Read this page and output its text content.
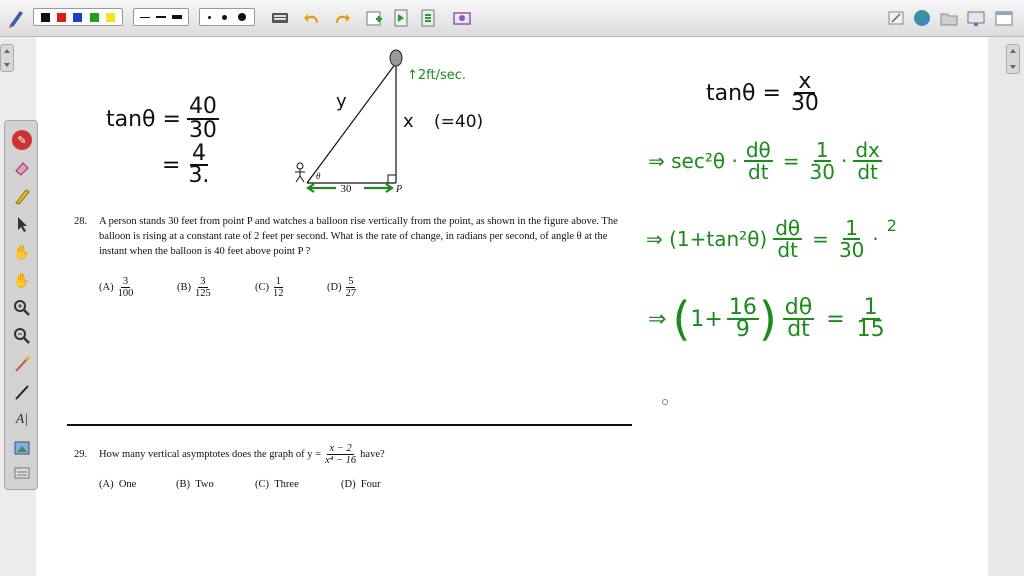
✎
✋
✋
A|
30	P
θ
y
x (=40)
↑2ft/sec.
$\tan\theta = \frac{40}{30}$
= $\frac{4}{3.}$
$\tan\theta = \frac{x}{30}$
⇒ $\sec^2\theta \cdot \frac{d\theta}{dt} = \frac{1}{30}$ · dx
dt
⇒ $(1+\tan^2\theta) \frac{d\theta}{dt} = \frac{1}{30}$ ·
2
⇒ ( $1+ \frac{16}{9}$ ) $\frac{d\theta}{dt} = \frac{1}{15}$
28. A person stands 30 feet from point P and watches a balloon rise vertically from the point, as shown in the figure above. The balloon is rising at a constant rate of 2 feet per second. What is the rate of change, in radians per second, of angle θ at the instant when the balloon is 40 feet above point P ?
$(A) \frac{3}{100}$	$(B) \frac{3}{125}$	$(C) \frac{1}{12}$	$(D) \frac{5}{27}$
29.	How many vertical asymptotes does the graph of $y = \frac{x - 2}{\text{x⁴ − 16}}$ have?
(A) One	(B) Two	(C) Three	(D) Four
